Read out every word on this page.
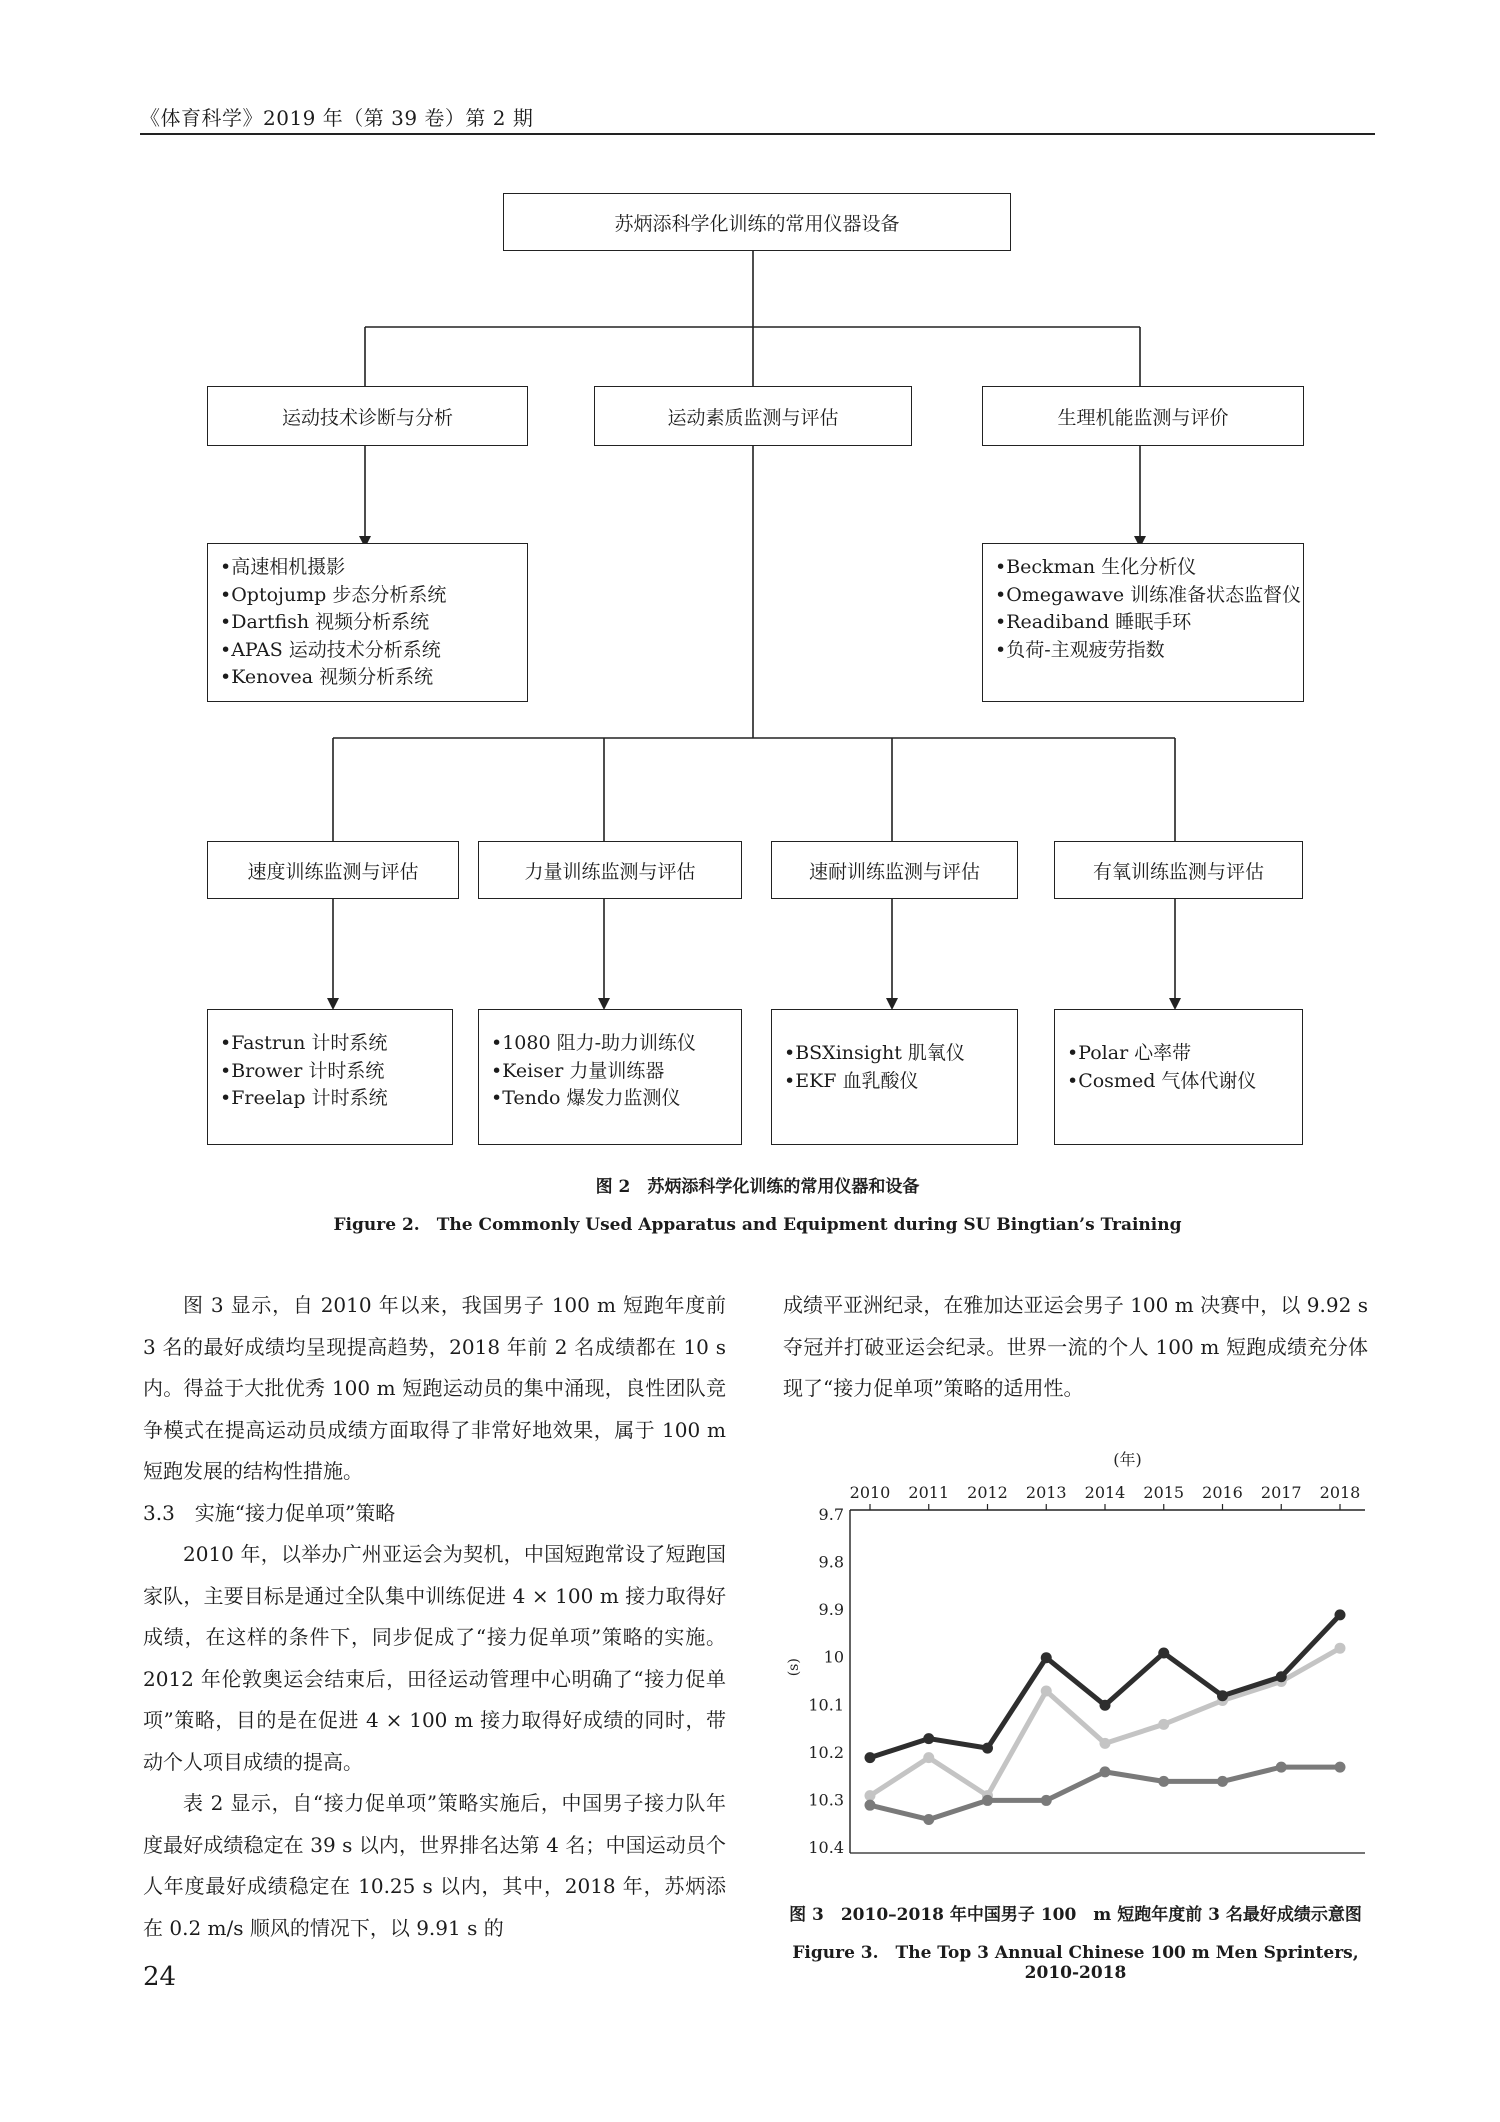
《体育科学》2019 年（第 39 卷）第 2 期
苏炳添科学化训练的常用仪器设备
运动技术诊断与分析	运动素质监测与评估	生理机能监测与评价
•高速相机摄影
•Optojump 步态分析系统
•Dartfish 视频分析系统
•APAS 运动技术分析系统
•Kenovea 视频分析系统
•Beckman 生化分析仪
•Omegawave 训练准备状态监督仪
•Readiband 睡眠手环
•负荷-主观疲劳指数
速度训练监测与评估	力量训练监测与评估	速耐训练监测与评估	有氧训练监测与评估
•Fastrun 计时系统
•Brower 计时系统
•Freelap 计时系统
•1080 阻力-助力训练仪
•Keiser 力量训练器
•Tendo 爆发力监测仪
•BSXinsight 肌氧仪
•EKF 血乳酸仪
•Polar 心率带
•Cosmed 气体代谢仪
图 2　苏炳添科学化训练的常用仪器和设备
Figure 2.　The Commonly Used Apparatus and Equipment during SU Bingtian’s Training

图 3 显示，自 2010 年以来，我国男子 100 m 短跑年度前 3 名的最好成绩均呈现提高趋势，2018 年前 2 名成绩都在 10 s 内。得益于大批优秀 100 m 短跑运动员的集中涌现，良性团队竞争模式在提高运动员成绩方面取得了非常好地效果，属于 100 m 短跑发展的结构性措施。

3.3　实施“接力促单项”策略

2010 年，以举办广州亚运会为契机，中国短跑常设了短跑国家队，主要目标是通过全队集中训练促进 4 × 100 m 接力取得好成绩，在这样的条件下，同步促成了“接力促单项”策略的实施。2012 年伦敦奥运会结束后，田径运动管理中心明确了“接力促单项”策略，目的是在促进 4 × 100 m 接力取得好成绩的同时，带动个人项目成绩的提高。

表 2 显示，自“接力促单项”策略实施后，中国男子接力队年度最好成绩稳定在 39 s 以内，世界排名达第 4 名；中国运动员个人年度最好成绩稳定在 10.25 s 以内，其中，2018 年，苏炳添在 0.2 m/s 顺风的情况下，以 9.91 s 的

成绩平亚洲纪录，在雅加达亚运会男子 100 m 决赛中，以 9.92 s 夺冠并打破亚运会纪录。世界一流的个人 100 m 短跑成绩充分体现了“接力促单项”策略的适用性。

(年)
2010 2011 2012 2013 2014 2015 2016 2017 2018
9.7
9.8
9.9
10
10.1
10.2
10.3
10.4
(s)
图 3　2010–2018 年中国男子 100　m 短跑年度前 3 名最好成绩示意图
Figure 3.　The Top 3 Annual Chinese 100 m Men Sprinters, 2010-2018
24
